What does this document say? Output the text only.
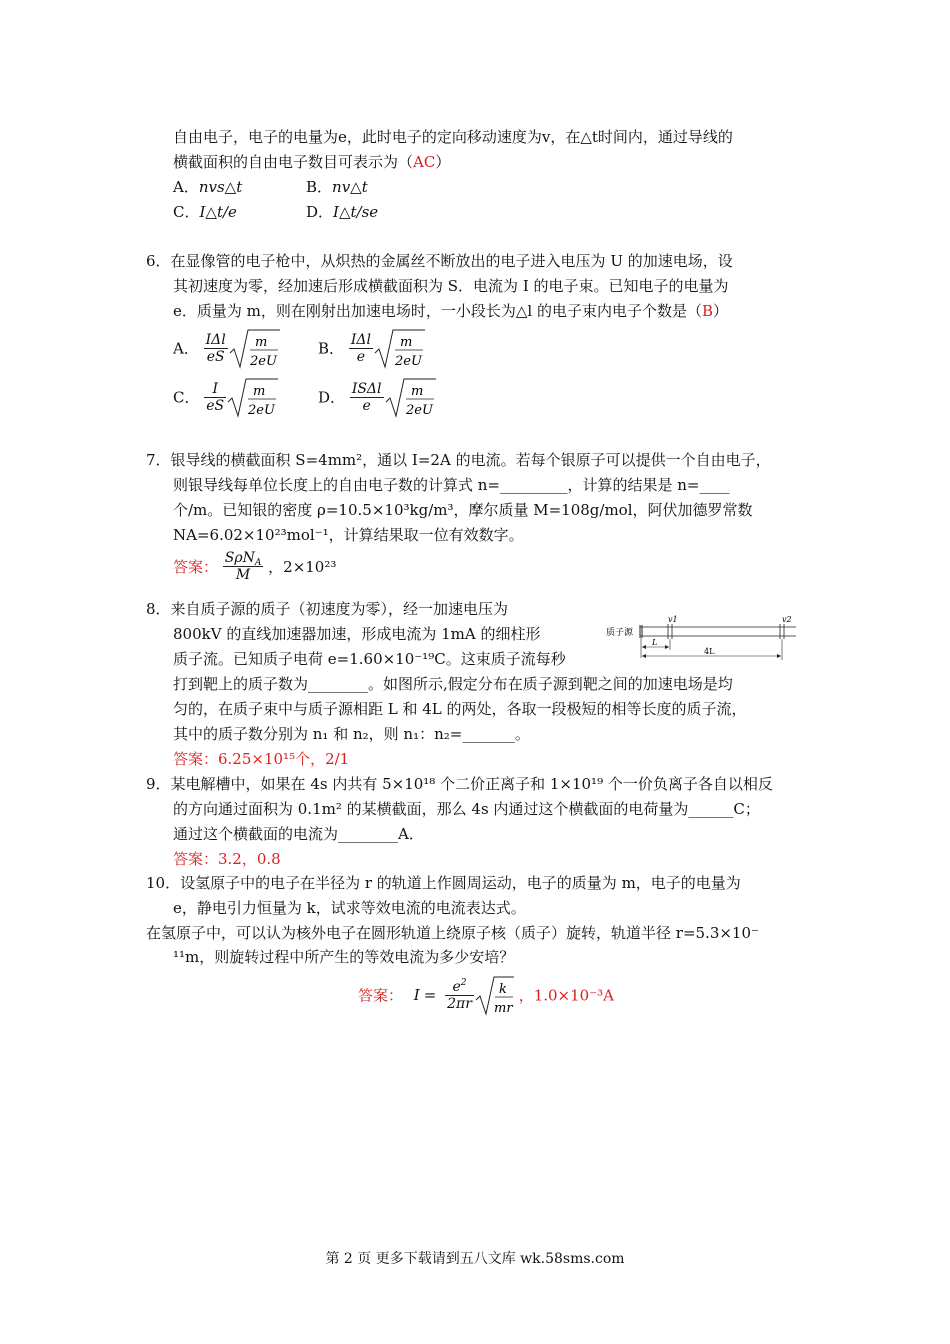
自由电子，电子的电量为e，此时电子的定向移动速度为v，在△t时间内，通过导线的
横截面积的自由电子数目可表示为（AC）
A．nvs△t	B．nv△t
C．I△t/e	D．I△t/se
6．在显像管的电子枪中，从炽热的金属丝不断放出的电子进入电压为 U 的加速电场，设
其初速度为零，经加速后形成横截面积为 S．电流为 I 的电子束。已知电子的电量为
e．质量为 m，则在刚射出加速电场时，一小段长为△l 的电子束内电子个数是（B）
A． IΔl
eS
m
2eU
B． IΔl
e
m
2eU
C． $\frac{I}{eS}$ m
2eU
D． ISΔl
e
m
2eU
7．银导线的横截面积 S=4mm²，通以 I=2A 的电流。若每个银原子可以提供一个自由电子，
则银导线每单位长度上的自由电子数的计算式 n=_________，计算的结果是 n=____
个/m。已知银的密度 ρ=10.5×10³kg/m³，摩尔质量 M=108g/mol，阿伏加德罗常数
NA=6.02×10²³mol⁻¹，计算结果取一位有效数字。
答案： SρN$_A$
M	，2×10²³
8．来自质子源的质子（初速度为零），经一加速电压为
800kV 的直线加速器加速，形成电流为 1mA 的细柱形
质子流。已知质子电荷 e=1.60×10⁻¹⁹C。这束质子流每秒
打到靶上的质子数为________。如图所示,假定分布在质子源到靶之间的加速电场是均
匀的，在质子束中与质子源相距 L 和 4L 的两处，各取一段极短的相等长度的质子流，
其中的质子数分别为 n₁ 和 n₂，则 n₁：n₂=_______。
答案：6.25×10¹⁵个，2/1
质子源
v1	v2
L
4L
9．某电解槽中，如果在 4s 内共有 5×10¹⁸ 个二价正离子和 1×10¹⁹ 个一价负离子各自以相反
的方向通过面积为 0.1m² 的某横截面，那么 4s 内通过这个横截面的电荷量为______C；
通过这个横截面的电流为________A．
答案：3.2，0.8
10．设氢原子中的电子在半径为 r 的轨道上作圆周运动，电子的质量为 m，电子的电量为
e，静电引力恒量为 k，试求等效电流的电流表达式。
在氢原子中，可以认为核外电子在圆形轨道上绕原子核（质子）旋转，轨道半径 r=5.3×10⁻
¹¹m，则旋转过程中所产生的等效电流为多少安培？
答案： $I = \frac{e^2}{2\pi r}$ k
mr
，1.0×10⁻³A
第 2 页 更多下载请到五八文库 wk.58sms.com
